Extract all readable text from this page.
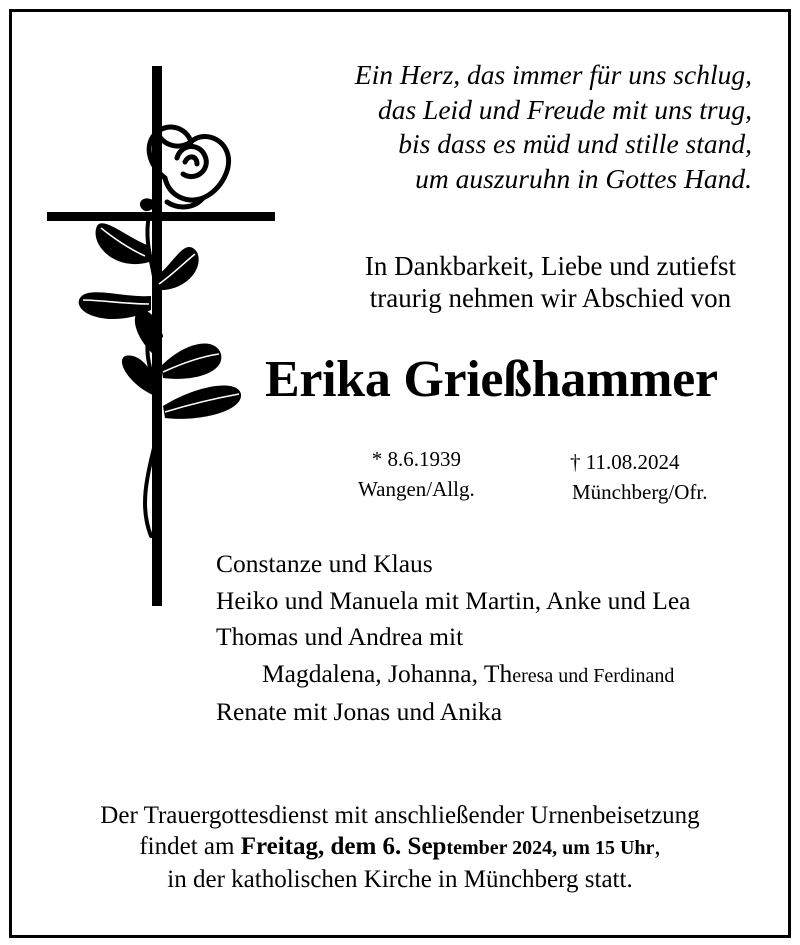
Ein Herz, das immer für uns schlug,
das Leid und Freude mit uns trug,
bis dass es müd und stille stand,
um auszuruhn in Gottes Hand.
In Dankbarkeit, Liebe und zutiefst
traurig nehmen wir Abschied von
Erika Grießhammer
* 8.6.1939
Wangen/Allg.
† 11.08.2024
Münchberg/Ofr.
Constanze und Klaus
Heiko und Manuela mit Martin, Anke und Lea
Thomas und Andrea mit
Magdalena, Johanna, Theresa und Ferdinand
Renate mit Jonas und Anika
Der Trauergottesdienst mit anschließender Urnenbeisetzung
findet am Freitag, dem 6. September 2024, um 15 Uhr,
in der katholischen Kirche in Münchberg statt.
